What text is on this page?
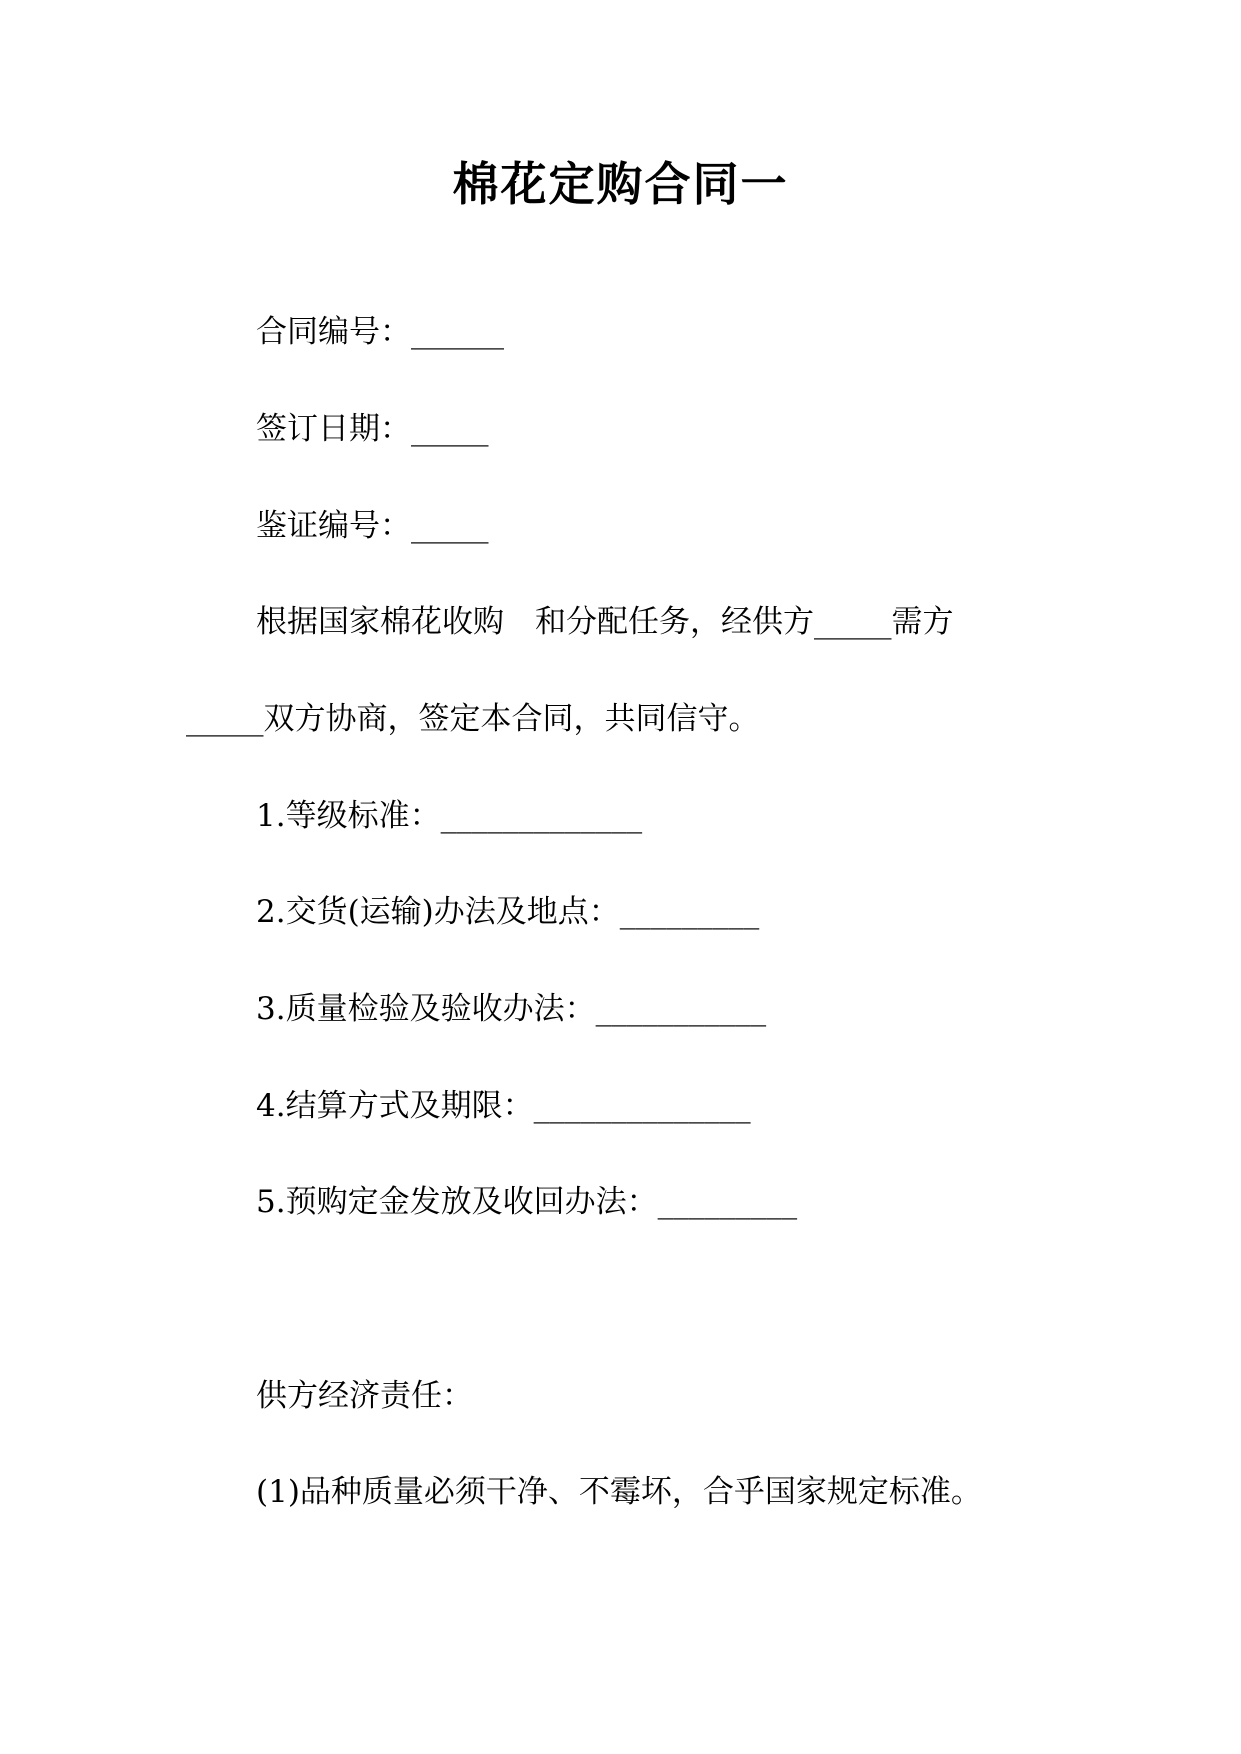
棉花定购合同一
合同编号：______
签订日期：_____
鉴证编号：_____
根据国家棉花收购　和分配任务，经供方_____需方
_____双方协商，签定本合同，共同信守。
1.等级标准：_____________
2.交货(运输)办法及地点：_________
3.质量检验及验收办法：___________
4.结算方式及期限：______________
5.预购定金发放及收回办法：_________
供方经济责任：
(1)品种质量必须干净、不霉坏，合乎国家规定标准。
